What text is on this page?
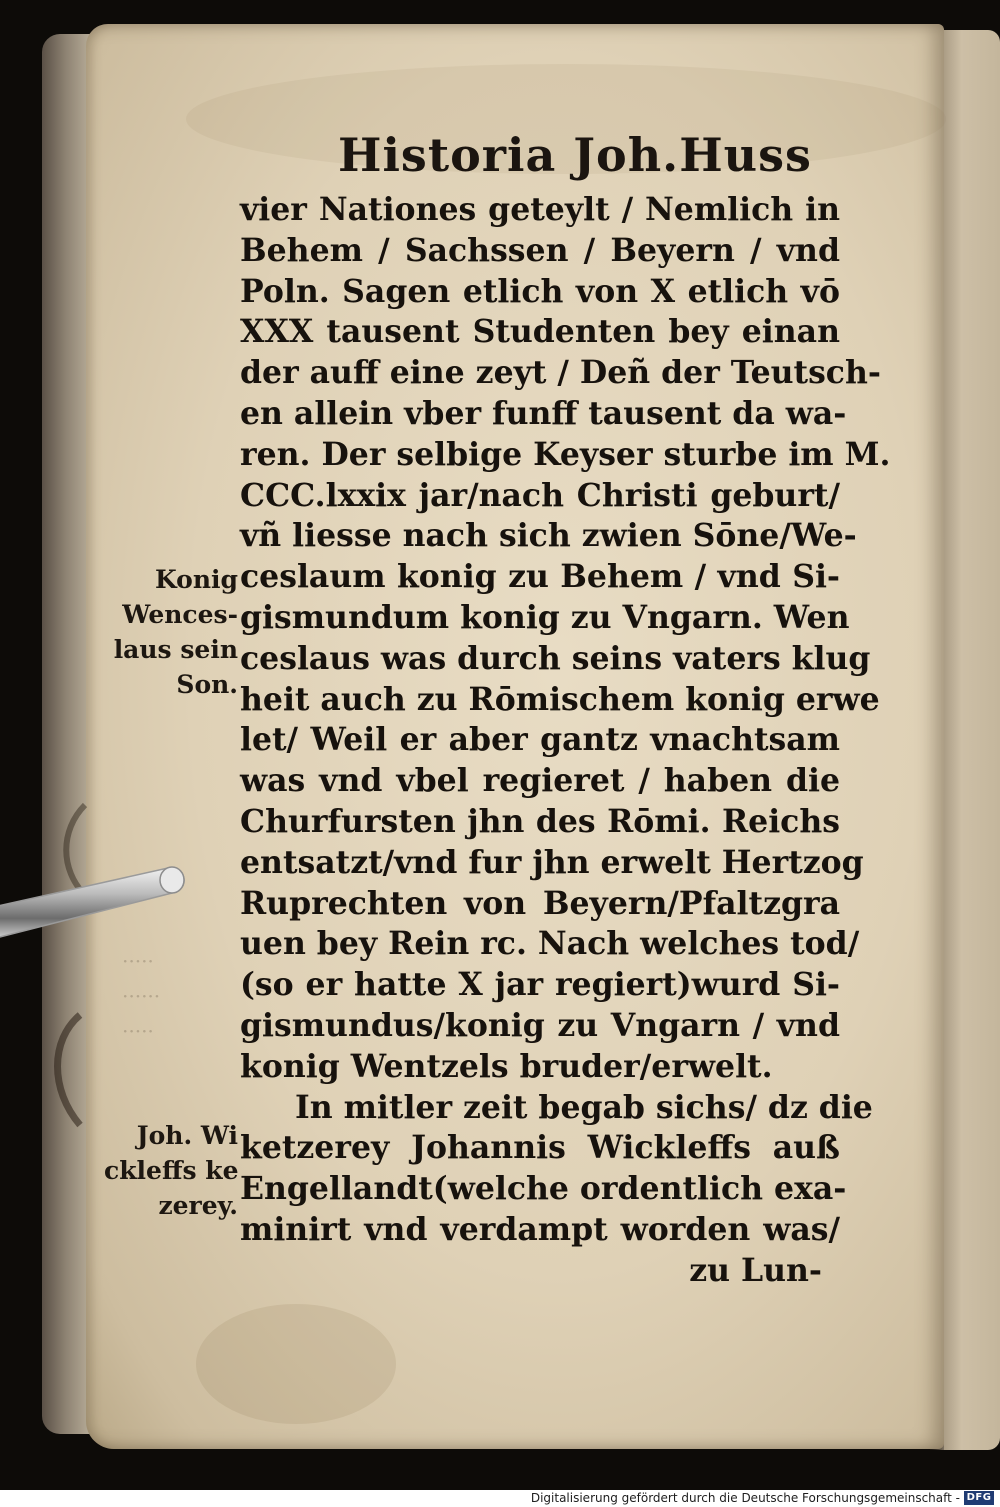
·····
······
·····
Historia Joh.Huss
vier Nationes geteylt / Nemlich in
Behem / Sachssen / Beyern / vnd
Poln. Sagen etlich von X etlich vō
XXX tausent Studenten bey einan
der auff eine zeyt / Deñ der Teutsch-
en allein vber funff tausent da wa-
ren. Der selbige Keyser sturbe im M.
CCC.lxxix jar/nach Christi geburt/
vñ liesse nach sich zwien Sōne/We-
ceslaum konig zu Behem / vnd Si-
gismundum konig zu Vngarn. Wen
ceslaus was durch seins vaters klug
heit auch zu Rōmischem konig erwe
let/ Weil er aber gantz vnachtsam
was vnd vbel regieret / haben die
Churfursten jhn des Rōmi. Reichs
entsatzt/vnd fur jhn erwelt Hertzog
Ruprechten von Beyern/Pfaltzgra
uen bey Rein rc. Nach welches tod/
(so er hatte X jar regiert)wurd Si-
gismundus/konig zu Vngarn / vnd
konig Wentzels bruder/erwelt.
In mitler zeit begab sichs/ dz die
ketzerey Johannis Wickleffs auß
Engellandt(welche ordentlich exa-
minirt vnd verdampt worden was/
zu Lun-
Konig
Wences-
laus sein
Son.
Joh. Wi
ckleffs ke
zerey.
Digitalisierung gefördert durch die Deutsche Forschungsgemeinschaft - DFG
